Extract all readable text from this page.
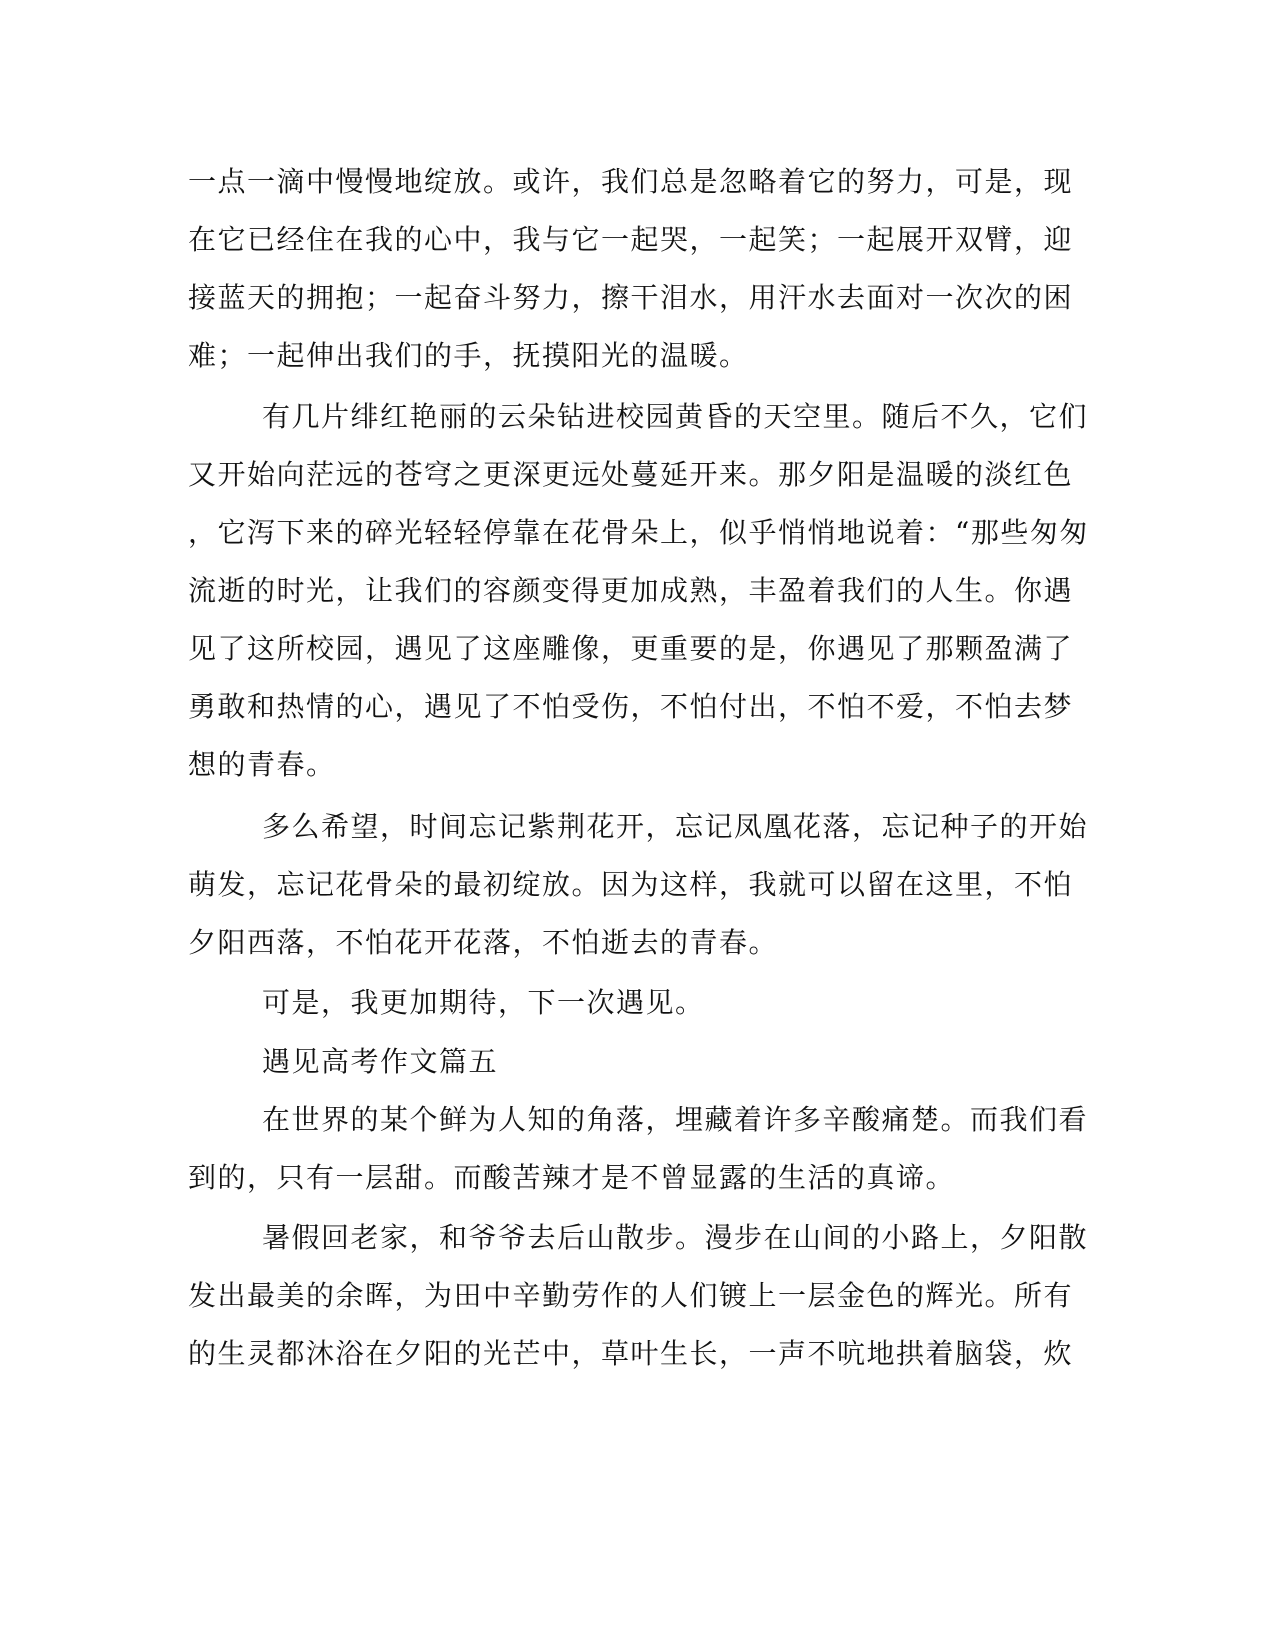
一点一滴中慢慢地绽放。或许，我们总是忽略着它的努力，可是，现

在它已经住在我的心中，我与它一起哭，一起笑；一起展开双臂，迎

接蓝天的拥抱；一起奋斗努力，擦干泪水，用汗水去面对一次次的困

难；一起伸出我们的手，抚摸阳光的温暖。

有几片绯红艳丽的云朵钻进校园黄昏的天空里。随后不久，它们

又开始向茫远的苍穹之更深更远处蔓延开来。那夕阳是温暖的淡红色

，它泻下来的碎光轻轻停靠在花骨朵上，似乎悄悄地说着：“那些匆匆

流逝的时光，让我们的容颜变得更加成熟，丰盈着我们的人生。你遇

见了这所校园，遇见了这座雕像，更重要的是，你遇见了那颗盈满了

勇敢和热情的心，遇见了不怕受伤，不怕付出，不怕不爱，不怕去梦

想的青春。

多么希望，时间忘记紫荆花开，忘记凤凰花落，忘记种子的开始

萌发，忘记花骨朵的最初绽放。因为这样，我就可以留在这里，不怕

夕阳西落，不怕花开花落，不怕逝去的青春。

可是，我更加期待，下一次遇见。

遇见高考作文篇五

在世界的某个鲜为人知的角落，埋藏着许多辛酸痛楚。而我们看

到的，只有一层甜。而酸苦辣才是不曾显露的生活的真谛。

暑假回老家，和爷爷去后山散步。漫步在山间的小路上，夕阳散

发出最美的余晖，为田中辛勤劳作的人们镀上一层金色的辉光。所有

的生灵都沐浴在夕阳的光芒中，草叶生长，一声不吭地拱着脑袋，炊
